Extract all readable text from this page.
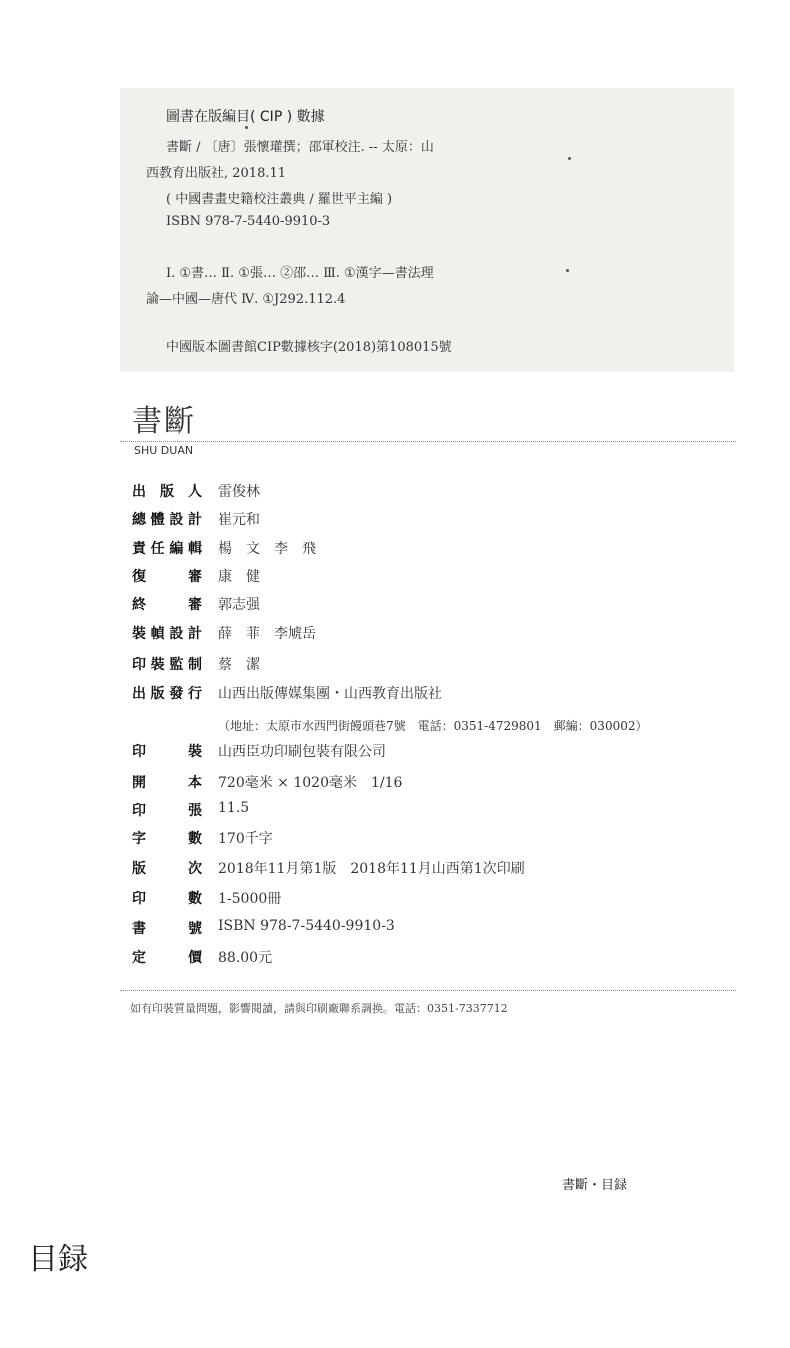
圖書在版編目( CIP ) 數據
書斷 / 〔唐〕張懷瓘撰；邵軍校注. -- 太原：山
西教育出版社, 2018.11
( 中國書畫史籍校注叢典 / 羅世平主編 )
ISBN 978-7-5440-9910-3
Ⅰ. ①書… Ⅱ. ①張… ②邵… Ⅲ. ①漢字—書法理
論—中國—唐代 Ⅳ. ①J292.112.4
中國版本圖書館CIP數據核字(2018)第108015號
書斷
SHU DUAN
出版人 雷俊林
總體設計 崔元和
責任編輯 楊　文　李　飛
復審 康　健
終審 郭志强
裝幀設計 薛　菲　李虓岳
印裝監制 蔡　潔
出版發行 山西出版傳媒集團・山西教育出版社
（地址：太原市水西門街饅頭巷7號　電話：0351-4729801　郵編：030002）
印裝 山西臣功印刷包裝有限公司
開本 720毫米 × 1020毫米　1/16
印張 11.5
字數 170千字
版次 2018年11月第1版　2018年11月山西第1次印刷
印數 1-5000冊
書號 ISBN 978-7-5440-9910-3
定價 88.00元
如有印裝質量問題，影響閱讀，請與印刷廠聯系調换。電話：0351-7337712
書斷・目録
目録
